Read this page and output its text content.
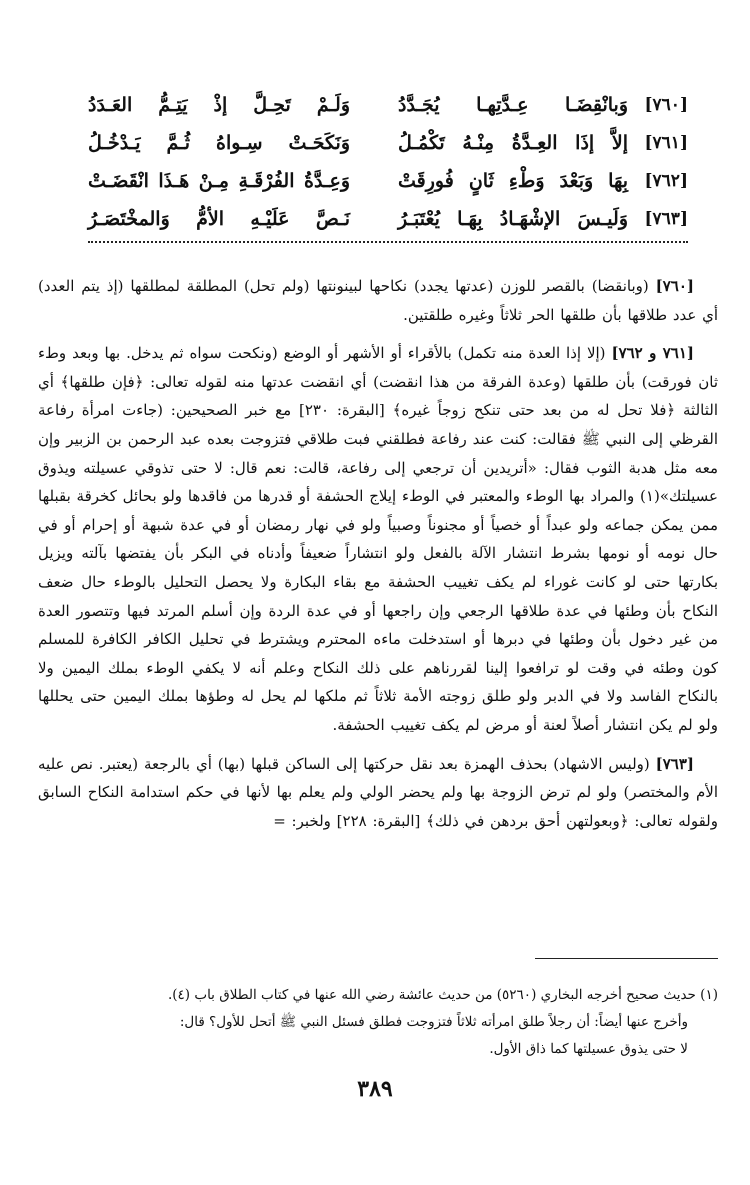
[٧٦٠]
وَبانْقِضَـا عِـدَّتِهـا يُجَـدَّدُ
وَلَـمْ تَحِـلَّ إذْ يَتِـمُّ العَـدَدُ
[٧٦١]
إلاَّ إذَا العِـدَّةُ مِنْـهُ تَكْمُـلُ
وَنَكَحَـتْ سِـواهُ ثُـمَّ يَـدْخُـلُ
[٧٦٢]
بِهَا وَبَعْدَ وَطْءِ ثَانٍ فُورِقَتْ
وَعِـدَّةُ الفُرْقَـةِ مِـنْ هَـذَا انْقَضَـتْ
[٧٦٣]
وَلَيـسَ الإشْهَـادُ بِهَـا يُعْتَبَـرُ
نَـصَّ عَلَيْـهِ الأمُّ وَالمخْتَصَـرُ

[٧٦٠] (وبانقضا) بالقصر للوزن (عدتها يجدد) نكاحها لبينونتها (ولم تحل) المطلقة لمطلقها (إذ يتم العدد) أي عدد طلاقها بأن طلقها الحر ثلاثاً وغيره طلقتين.

[٧٦١ و ٧٦٢] (إلا إذا العدة منه تكمل) بالأقراء أو الأشهر أو الوضع (ونكحت سواه ثم يدخل. بها وبعد وطء ثان فورقت) بأن طلقها (وعدة الفرقة من هذا انقضت) أي انقضت عدتها منه لقوله تعالى: ﴿فإن طلقها﴾ أي الثالثة ﴿فلا تحل له من بعد حتى تنكح زوجاً غيره﴾ [البقرة: ٢٣٠] مع خبر الصحيحين: (جاءت امرأة رفاعة القرظي إلى النبي ﷺ فقالت: كنت عند رفاعة فطلقني فبت طلاقي فتزوجت بعده عبد الرحمن بن الزبير وإن معه مثل هدبة الثوب فقال: «أتريدين أن ترجعي إلى رفاعة، قالت: نعم قال: لا حتى تذوقي عسيلته ويذوق عسيلتك»(١) والمراد بها الوطء والمعتبر في الوطء إيلاج الحشفة أو قدرها من فاقدها ولو بحائل كخرقة بقبلها ممن يمكن جماعه ولو عبداً أو خصياً أو مجنوناً وصبياً ولو في نهار رمضان أو في عدة شبهة أو إحرام أو في حال نومه أو نومها بشرط انتشار الآلة بالفعل ولو انتشاراً ضعيفاً وأدناه في البكر بأن يفتضها بآلته ويزيل بكارتها حتى لو كانت غوراء لم يكف تغييب الحشفة مع بقاء البكارة ولا يحصل التحليل بالوطء حال ضعف النكاح بأن وطئها في عدة طلاقها الرجعي وإن راجعها أو في عدة الردة وإن أسلم المرتد فيها وتتصور العدة من غير دخول بأن وطئها في دبرها أو استدخلت ماءه المحترم ويشترط في تحليل الكافر الكافرة للمسلم كون وطئه في وقت لو ترافعوا إلينا لقررناهم على ذلك النكاح وعلم أنه لا يكفي الوطء بملك اليمين ولا بالنكاح الفاسد ولا في الدبر ولو طلق زوجته الأمة ثلاثاً ثم ملكها لم يحل له وطؤها بملك اليمين حتى يحللها ولو لم يكن انتشار أصلاً لعنة أو مرض لم يكف تغييب الحشفة.

[٧٦٣] (وليس الاشهاد) بحذف الهمزة بعد نقل حركتها إلى الساكن قبلها (بها) أي بالرجعة (يعتبر. نص عليه الأم والمختصر) ولو لم ترض الزوجة بها ولم يحضر الولي ولم يعلم بها لأنها في حكم استدامة النكاح السابق ولقوله تعالى: ﴿وبعولتهن أحق بردهن في ذلك﴾ [البقرة: ٢٢٨] ولخبر: =

(١) حديث صحيح أخرجه البخاري (٥٢٦٠) من حديث عائشة رضي الله عنها في كتاب الطلاق باب (٤).
وأخرج عنها أيضاً: أن رجلاً طلق امرأته ثلاثاً فتزوجت فطلق فسئل النبي ﷺ أتحل للأول؟ قال:
لا حتى يذوق عسيلتها كما ذاق الأول.
٣٨٩
